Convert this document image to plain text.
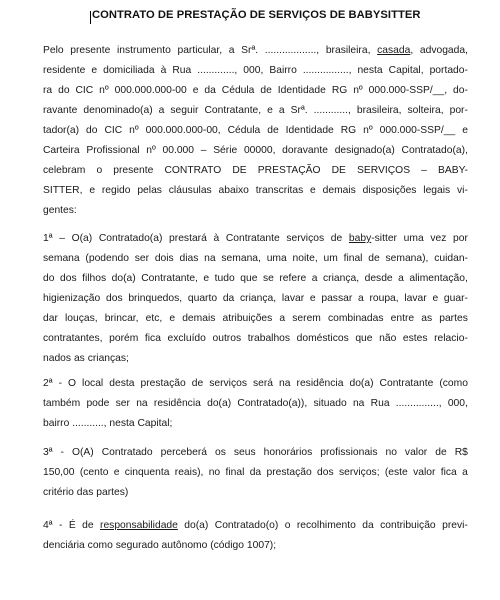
CONTRATO DE PRESTAÇÃO DE SERVIÇOS DE BABYSITTER
Pelo presente instrumento particular, a Srª. .................., brasileira, casada, advogada,
residente e domiciliada à Rua ............., 000, Bairro ................, nesta Capital, portado-
ra do CIC nº 000.000.000-00 e da Cédula de Identidade RG nº 000.000-SSP/__, do-
ravante denominado(a) a seguir Contratante, e a Srª. ............, brasileira, solteira, por-
tador(a) do CIC nº 000.000.000-00, Cédula de Identidade RG nº 000.000-SSP/__ e
Carteira Profissional nº 00.000 – Série 00000, doravante designado(a) Contratado(a),
celebram o presente CONTRATO DE PRESTAÇÃO DE SERVIÇOS – BABY-
SITTER, e regido pelas cláusulas abaixo transcritas e demais disposições legais vi-
gentes:
1ª – O(a) Contratado(a) prestará à Contratante serviços de baby-sitter uma vez por
semana (podendo ser dois dias na semana, uma noite, um final de semana), cuidan-
do dos filhos do(a) Contratante, e tudo que se refere a criança, desde a alimentação,
higienização dos brinquedos, quarto da criança, lavar e passar a roupa, lavar e guar-
dar louças, brincar, etc, e demais atribuições a serem combinadas entre as partes
contratantes, porém fica excluído outros trabalhos domésticos que não estes relacio-
nados
as
crianças;
2ª - O local desta prestação de serviços será na residência do(a) Contratante (como
também pode ser na residência do(a) Contratado(a)), situado na Rua ..............., 000,
bairro
...........,
nesta
Capital;
3ª - O(A) Contratado perceberá os seus honorários profissionais no valor de R$
150,00 (cento e cinquenta reais), no final da prestação dos serviços; (este valor fica a
critério
das
partes)
4ª - É de responsabilidade do(a) Contratado(o) o recolhimento da contribuição previ-
denciária
como
segurado
autônomo
(código
1007);
